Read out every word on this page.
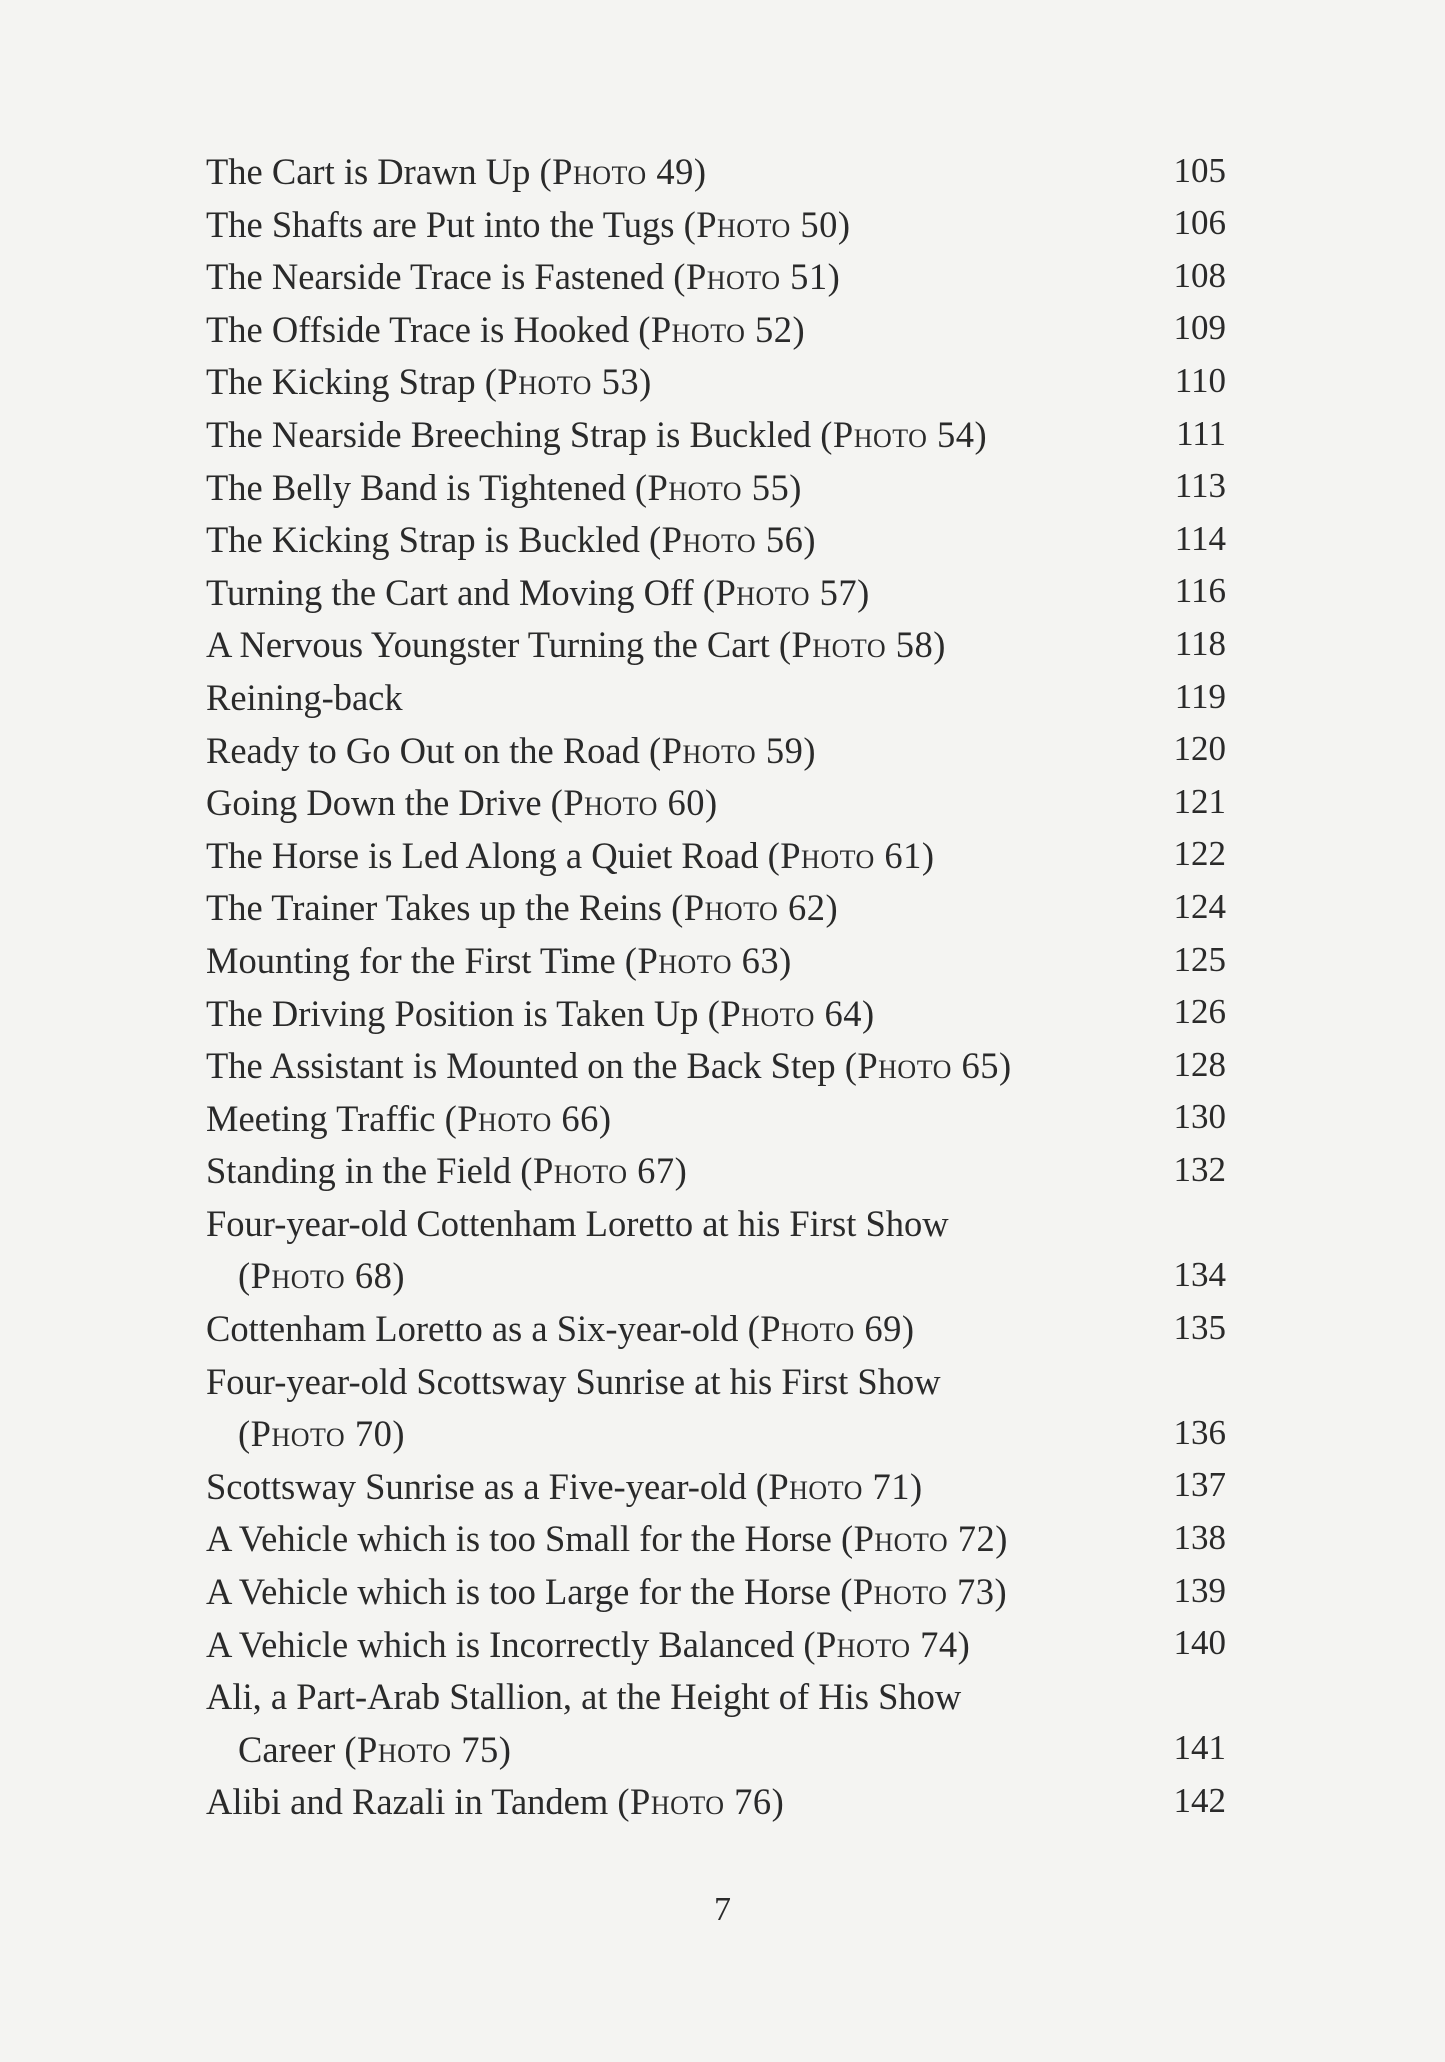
The Cart is Drawn Up (Photo 49)	105
The Shafts are Put into the Tugs (Photo 50)	106
The Nearside Trace is Fastened (Photo 51)	108
The Offside Trace is Hooked (Photo 52)	109
The Kicking Strap (Photo 53)	110
The Nearside Breeching Strap is Buckled (Photo 54)	111
The Belly Band is Tightened (Photo 55)	113
The Kicking Strap is Buckled (Photo 56)	114
Turning the Cart and Moving Off (Photo 57)	116
A Nervous Youngster Turning the Cart (Photo 58)	118
Reining-back	119
Ready to Go Out on the Road (Photo 59)	120
Going Down the Drive (Photo 60)	121
The Horse is Led Along a Quiet Road (Photo 61)	122
The Trainer Takes up the Reins (Photo 62)	124
Mounting for the First Time (Photo 63)	125
The Driving Position is Taken Up (Photo 64)	126
The Assistant is Mounted on the Back Step (Photo 65)	128
Meeting Traffic (Photo 66)	130
Standing in the Field (Photo 67)	132
Four-year-old Cottenham Loretto at his First Show
(Photo 68)	134
Cottenham Loretto as a Six-year-old (Photo 69)	135
Four-year-old Scottsway Sunrise at his First Show
(Photo 70)	136
Scottsway Sunrise as a Five-year-old (Photo 71)	137
A Vehicle which is too Small for the Horse (Photo 72)	138
A Vehicle which is too Large for the Horse (Photo 73)	139
A Vehicle which is Incorrectly Balanced (Photo 74)	140
Ali, a Part-Arab Stallion, at the Height of His Show
Career (Photo 75)	141
Alibi and Razali in Tandem (Photo 76)	142
7
